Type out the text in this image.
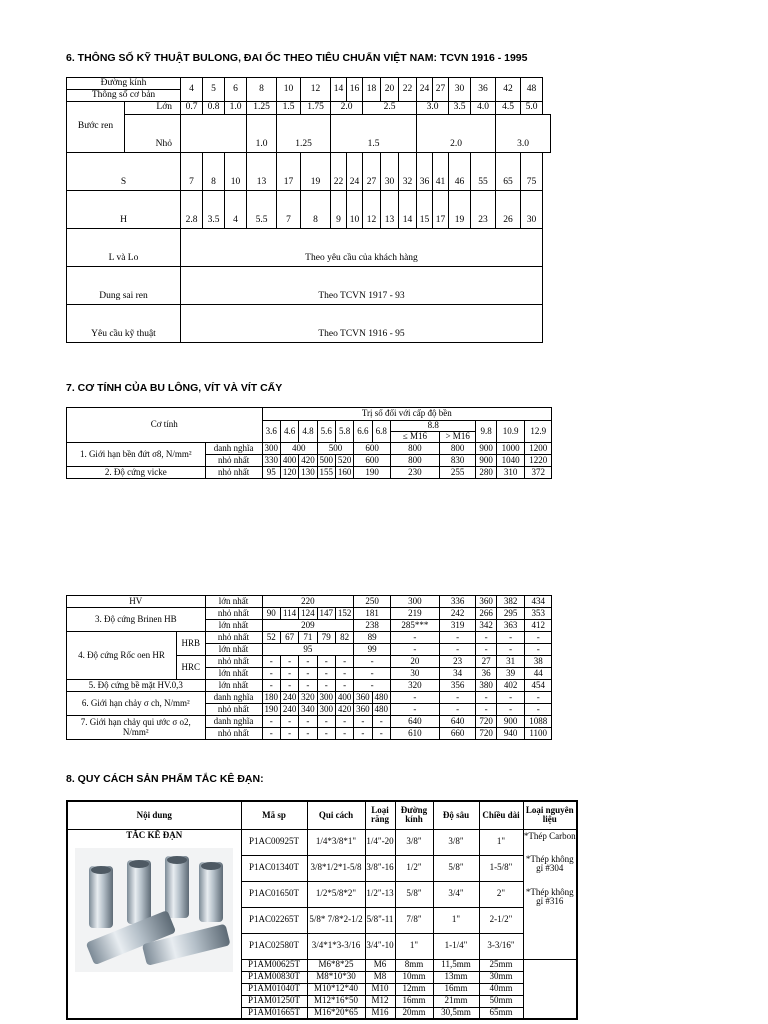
6. THÔNG SỐ KỸ THUẬT BULONG, ĐAI ỐC THEO TIÊU CHUẨN VIỆT NAM: TCVN 1916 - 1995
Đường kính		4	5	6	8	10	12	14	16	18	20	22	24	27	30	36	42	48
Thông số cơ bản																		
Bước ren	Lớn	0.7	0.8	1.0	1.25	1.5	1.75	2.0		2.5			3.0		3.5	4.0	4.5	5.0
	Nhỏ				1.0	1.25		1.5					2.0				3.0	
S		7	8	10	13	17	19	22	24	27	30	32	36	41	46	55	65	75
H		2.8	3.5	4	5.5	7	8	9	10	12	13	14	15	17	19	23	26	30
L và Lo		Theo yêu cầu của khách hàng																
Dung sai ren		Theo TCVN 1917 - 93																
Yêu cầu kỹ thuật		Theo TCVN 1916 - 95																
7. CƠ TÍNH CỦA BU LÔNG, VÍT VÀ VÍT CẤY
Cơ tính		Trị số đối với cấp độ bền											
		3.6	4.6	4.8	5.6	5.8	6.6	6.8	8.8		9.8	10.9	12.9
									≤ M16	> M16			
1. Giới hạn bền đứt σ8, N/mm²	danh nghĩa	300	400		500		600		800	800	900	1000	1200
	nhỏ nhất	330	400	420	500	520	600		800	830	900	1040	1220
2. Độ cứng vicke	nhỏ nhất	95	120	130	155	160	190		230	255	280	310	372
HV		lớn nhất	220					250		300	336	360	382	434
3. Độ cứng Brinen HB		nhỏ nhất	90	114	124	147	152	181		219	242	266	295	353
		lớn nhất	209					238		285***	319	342	363	412
4. Độ cứng Rốc oen HR	HRB	nhỏ nhất	52	67	71	79	82	89		-	-	-	-	-
		lớn nhất	95					99		-	-	-	-	-
	HRC	nhỏ nhất	-	-	-	-	-	-		20	23	27	31	38
		lớn nhất	-	-	-	-	-	-		30	34	36	39	44
5. Độ cứng bề mặt HV.0,3		lớn nhất	-	-	-	-	-	-		320	356	380	402	454
6. Giới hạn chảy σ ch, N/mm²		danh nghĩa	180	240	320	300	400	360	480	-	-	-	-	-
		nhỏ nhất	190	240	340	300	420	360	480	-	-	-	-	-
7. Giới hạn chảy qui ước σ o2, N/mm²		danh nghĩa	-	-	-	-	-	-	-	640	640	720	900	1088
		nhỏ nhất	-	-	-	-	-	-	-	610	660	720	940	1100
8. QUY CÁCH SẢN PHẨM TẮC KÊ ĐẠN:
Nội dung	Mã sp	Qui cách	Loại răng	Đường kính	Độ sâu	Chiều dài	Loại nguyên liệu

TẮC KÊ ĐẠN	P1AC00925T	1/4*3/8*1"	1/4"-20	3/8"	3/8"	1"	*Thép Carbon
*Thép không gỉ #304
*Thép không gỉ #316

	P1AC01340T	3/8*1/2*1-5/8	3/8"-16	1/2"	5/8"	1-5/8"	
	P1AC01650T	1/2*5/8*2"	1/2"-13	5/8"	3/4"	2"	
	P1AC02265T	5/8* 7/8*2-1/2	5/8"-11	7/8"	1"	2-1/2"	
	P1AC02580T	3/4*1*3-3/16	3/4"-10	1"	1-1/4"	3-3/16"	
	P1AM00625T	M6*8*25	M6	8mm	11,5mm	25mm	
	P1AM00830T	M8*10*30	M8	10mm	13mm	30mm	
	P1AM01040T	M10*12*40	M10	12mm	16mm	40mm	
	P1AM01250T	M12*16*50	M12	16mm	21mm	50mm	
	P1AM01665T	M16*20*65	M16	20mm	30,5mm	65mm	
